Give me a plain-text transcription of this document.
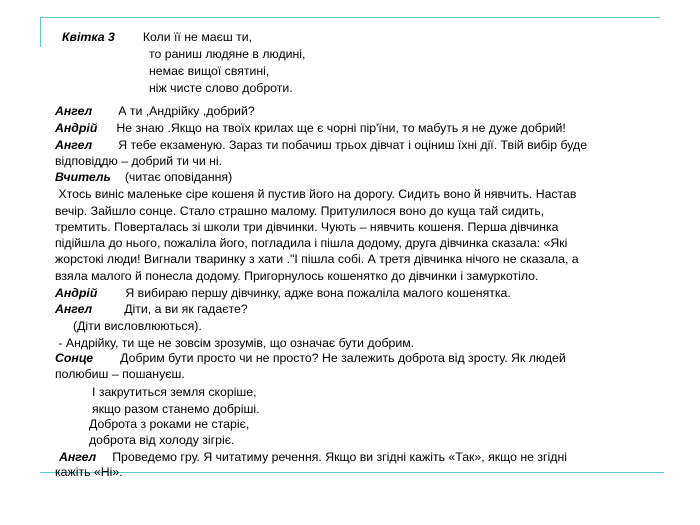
Квітка 3 Коли її не маєш ти,
то раниш людяне в людині,
немає вищої святині,
ніж чисте слово доброти.
Ангел А ти ,Андрійку ,добрий?
Андрій Не знаю .Якщо на твоїх крилах ще є чорні пір'їни, то мабуть я не дуже добрий!
Ангел Я тебе екзаменую. Зараз ти побачиш трьох дівчат і оціниш їхні дії. Твій вибір буде
відповіддю – добрий ти чи ні.
Вчитель (читає оповідання)
Хтось виніс маленьке сіре кошеня й пустив його на дорогу. Сидить воно й нявчить. Настав
вечір. Зайшло сонце. Стало страшно малому. Притулилося воно до куща тай сидить,
тремтить. Поверталась зі школи три дівчинки. Чують – нявчить кошеня. Перша дівчинка
підійшла до нього, пожаліла його, погладила і пішла додому, друга дівчинка сказала: «Які
жорстокі люди! Вигнали тваринку з хати ."І пішла собі. А третя дівчинка нічого не сказала, а
взяла малого й понесла додому. Пригорнулось кошенятко до дівчинки і замуркотіло.
Андрій Я вибираю першу дівчинку, адже вона пожаліла малого кошенятка.
Ангел	Діти, а ви як гадаєте?
(Діти висловлюються).
- Андрійку, ти ще не зовсім зрозумів, що означає бути добрим.
Сонце Добрим бути просто чи не просто? Не залежить доброта від зросту. Як людей
полюбиш – пошануєш.
І закрутиться земля скоріше,
якщо разом станемо добріші.
Доброта з роками не старіє,
доброта від холоду зігріє.
Ангел Проведемо гру. Я читатиму речення. Якщо ви згідні кажіть «Так», якщо не згідні
кажіть «Ні».
